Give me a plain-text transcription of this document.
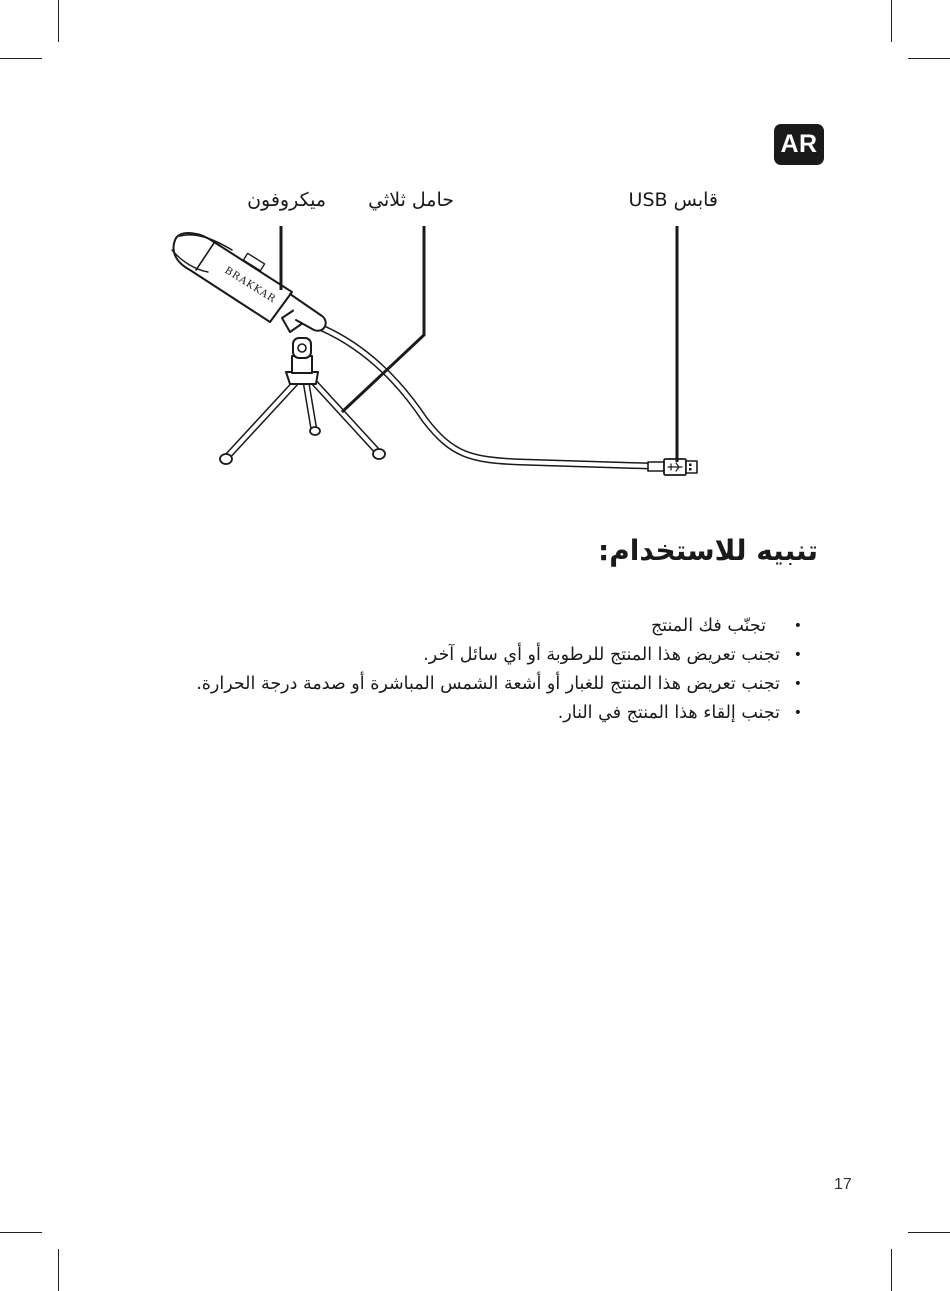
AR
BRAKKAR
ميكروفون حامل ثلاثي	قابس USB
تنبيه للاستخدام:
• تجنّب فك المنتج
• تجنب تعريض هذا المنتج للرطوبة أو أي سائل آخر.
• تجنب تعريض هذا المنتج للغبار أو أشعة الشمس المباشرة أو صدمة درجة الحرارة.
• تجنب إلقاء هذا المنتج في النار.
17
